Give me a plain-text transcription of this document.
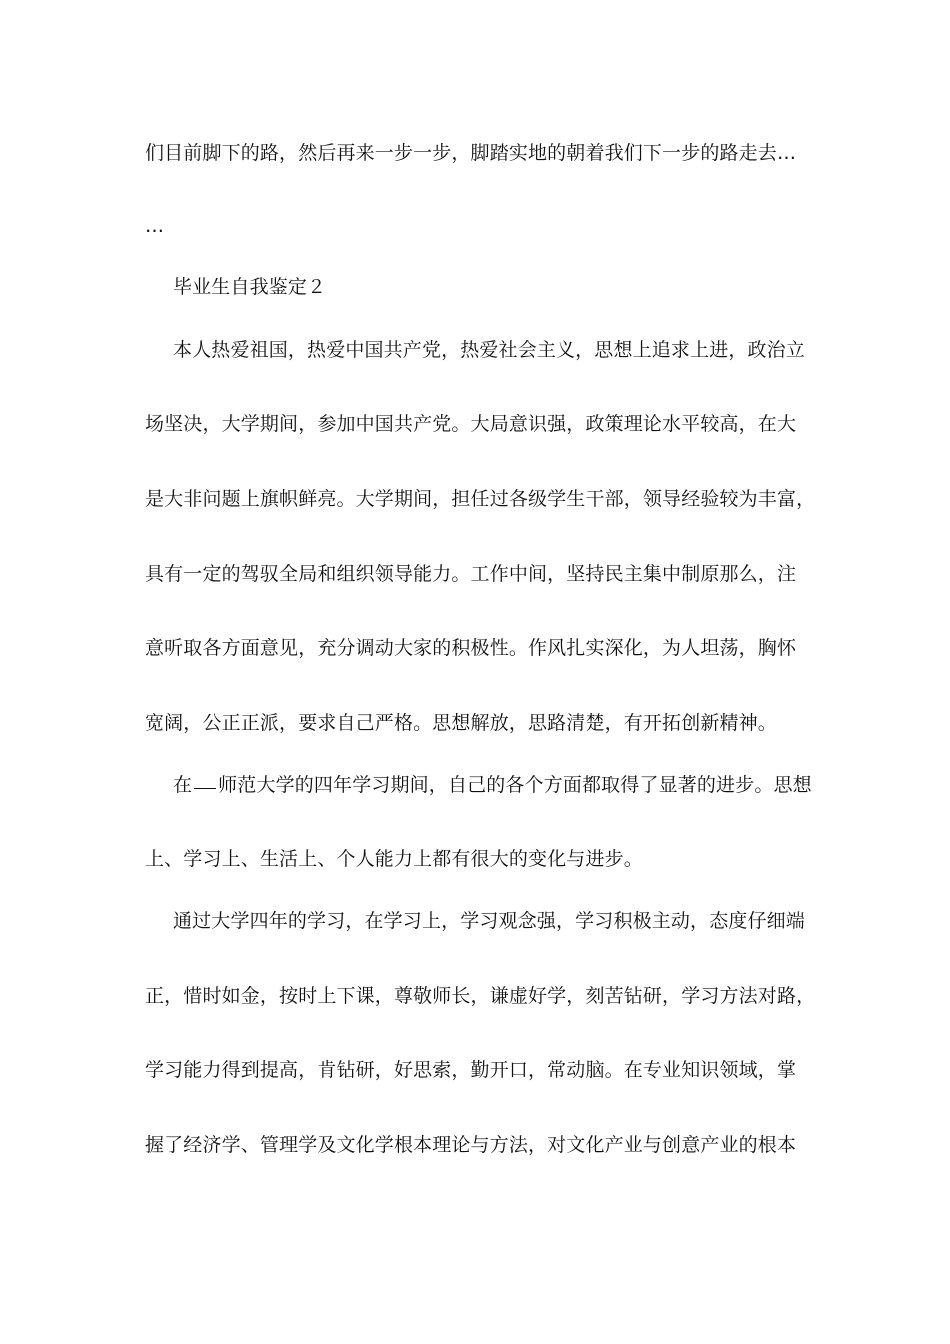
们目前脚下的路，然后再来一步一步，脚踏实地的朝着我们下一步的路走去…
…
毕业生自我鉴定２
本人热爱祖国，热爱中国共产党，热爱社会主义，思想上追求上进，政治立
场坚决，大学期间，参加中国共产党。大局意识强，政策理论水平较高，在大
是大非问题上旗帜鲜亮。大学期间，担任过各级学生干部，领导经验较为丰富，
具有一定的驾驭全局和组织领导能力。工作中间，坚持民主集中制原那么，注
意听取各方面意见，充分调动大家的积极性。作风扎实深化，为人坦荡，胸怀
宽阔，公正正派，要求自己严格。思想解放，思路清楚，有开拓创新精神。
在 师范大学的四年学习期间，自己的各个方面都取得了显著的进步。思想
上、学习上、生活上、个人能力上都有很大的变化与进步。
通过大学四年的学习，在学习上，学习观念强，学习积极主动，态度仔细端
正，惜时如金，按时上下课，尊敬师长，谦虚好学，刻苦钻研，学习方法对路，
学习能力得到提高，肯钻研，好思索，勤开口，常动脑。在专业知识领域，掌
握了经济学、管理学及文化学根本理论与方法，对文化产业与创意产业的根本
